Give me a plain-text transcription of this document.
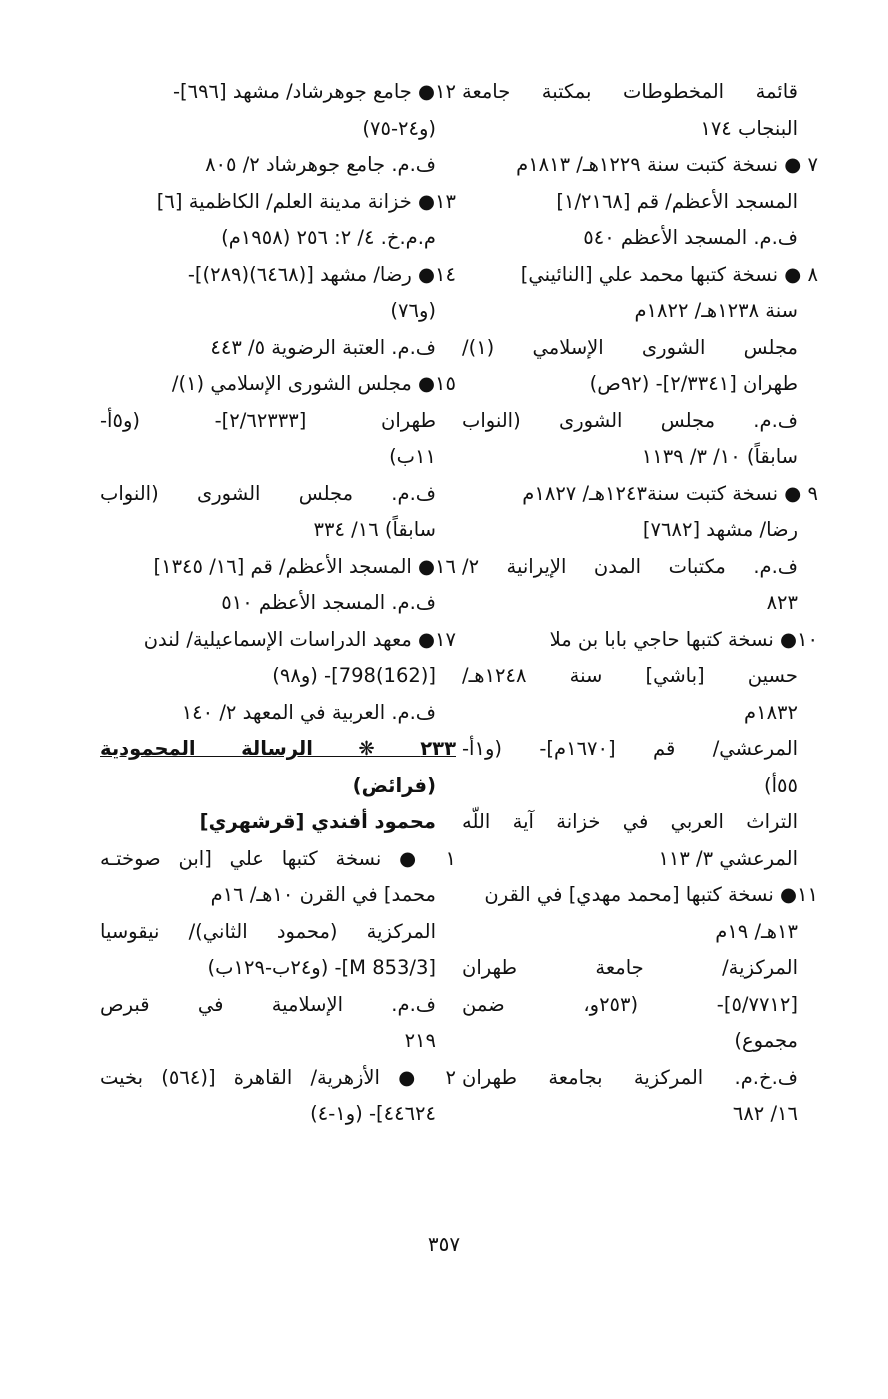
قائمة المخطوطات بمكتبة جامعة
البنجاب ١٧٤
٧ ● نسخة كتبت سنة ١٢٢٩هـ/ ١٨١٣م
المسجد الأعظم/ قم [١/٢١٦٨]
ف.م. المسجد الأعظم ٥٤٠
٨ ● نسخة كتبها محمد علي [النائيني]
سنة ١٢٣٨هـ/ ١٨٢٢م
مجلس الشورى الإسلامي (١)/
طهران [٢/٣٣٤١]- (٩٢ص)
ف.م. مجلس الشورى (النواب
سابقاً) ١٠/ ٣/ ١١٣٩
٩ ● نسخة كتبت سنة١٢٤٣هـ/ ١٨٢٧م
رضا/ مشهد [٧٦٨٢]
ف.م. مكتبات المدن الإيرانية ٢/
٨٢٣
١٠● نسخة كتبها حاجي بابا بن ملا
حسين [باشي] سنة ١٢٤٨هـ/
١٨٣٢م
المرعشي/ قم [١٦٧٠م]- (و١أ-
٥٥أ)
التراث العربي في خزانة آية اللّه
المرعشي ٣/ ١١٣
١١● نسخة كتبها [محمد مهدي] في القرن
١٣هـ/ ١٩م
المركزية/ جامعة طهران
[٥/٧٧١٢]- (٢٥٣و، ضمن
مجموع)
ف.خ.م. المركزية بجامعة طهران
١٦/ ٦٨٢
١٢● جامع جوهرشاد/ مشهد [٦٩٦]-
(و٢٤-٧٥)
ف.م. جامع جوهرشاد ٢/ ٨٠٥
١٣● خزانة مدينة العلم/ الكاظمية [٦]
م.م.خ. ٤/ ٢: ٢٥٦ (١٩٥٨م)
١٤● رضا/ مشهد [(٦٤٦٨)(٢٨٩)]-
(و٧٦)
ف.م. العتبة الرضوية ٥/ ٤٤٣
١٥● مجلس الشورى الإسلامي (١)/
طهران [٢/٦٢٣٣٣]- (و٥أ-
١١ب)
ف.م. مجلس الشورى (النواب
سابقاً) ١٦/ ٣٣٤
١٦● المسجد الأعظم/ قم [١٦/ ١٣٤٥]
ف.م. المسجد الأعظم ٥١٠
١٧● معهد الدراسات الإسماعيلية/ لندن
[(162)798]- (و٩٨)
ف.م. العربية في المعهد ٢/ ١٤٠
٢٣٣ ❋ الرسالة المحمودية
(فرائض)
محمود أفندي [قرشهري]
١ ● نسخة كتبها علي [ابن صوختـه
محمد] في القرن ١٠هـ/ ١٦م
المركزية (محمود الثاني)/ نيقوسيا
[M 853/3]- (و٢٤ب-١٢٩ب)
ف.م. الإسلامية في قبرص
٢١٩
٢ ● الأزهرية/ القاهرة [(٥٦٤) بخيت
٤٤٦٢٤]- (و١-٤)
٣٥٧
